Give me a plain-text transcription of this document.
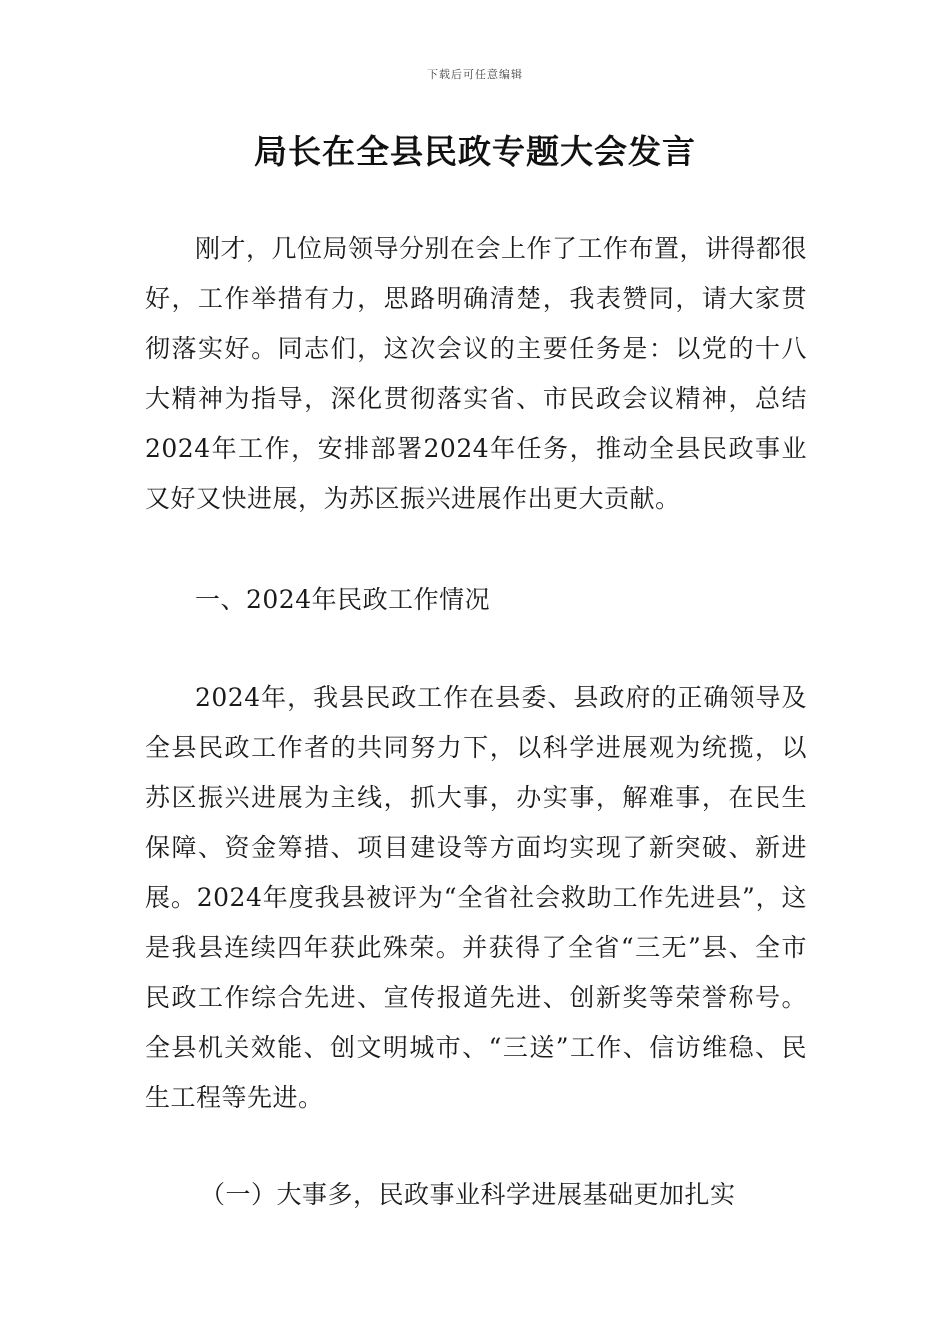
下载后可任意编辑
局长在全县民政专题大会发言

刚才，几位局领导分别在会上作了工作布置，讲得都很好，工作举措有力，思路明确清楚，我表赞同，请大家贯彻落实好。同志们，这次会议的主要任务是：以党的十八大精神为指导，深化贯彻落实省、市民政会议精神，总结2024年工作，安排部署2024年任务，推动全县民政事业又好又快进展，为苏区振兴进展作出更大贡献。

一、2024年民政工作情况

2024年，我县民政工作在县委、县政府的正确领导及全县民政工作者的共同努力下，以科学进展观为统揽，以苏区振兴进展为主线，抓大事，办实事，解难事，在民生保障、资金筹措、项目建设等方面均实现了新突破、新进展。2024年度我县被评为“全省社会救助工作先进县”，这是我县连续四年获此殊荣。并获得了全省“三无”县、全市民政工作综合先进、宣传报道先进、创新奖等荣誉称号。全县机关效能、创文明城市、“三送”工作、信访维稳、民生工程等先进。

（一）大事多，民政事业科学进展基础更加扎实
